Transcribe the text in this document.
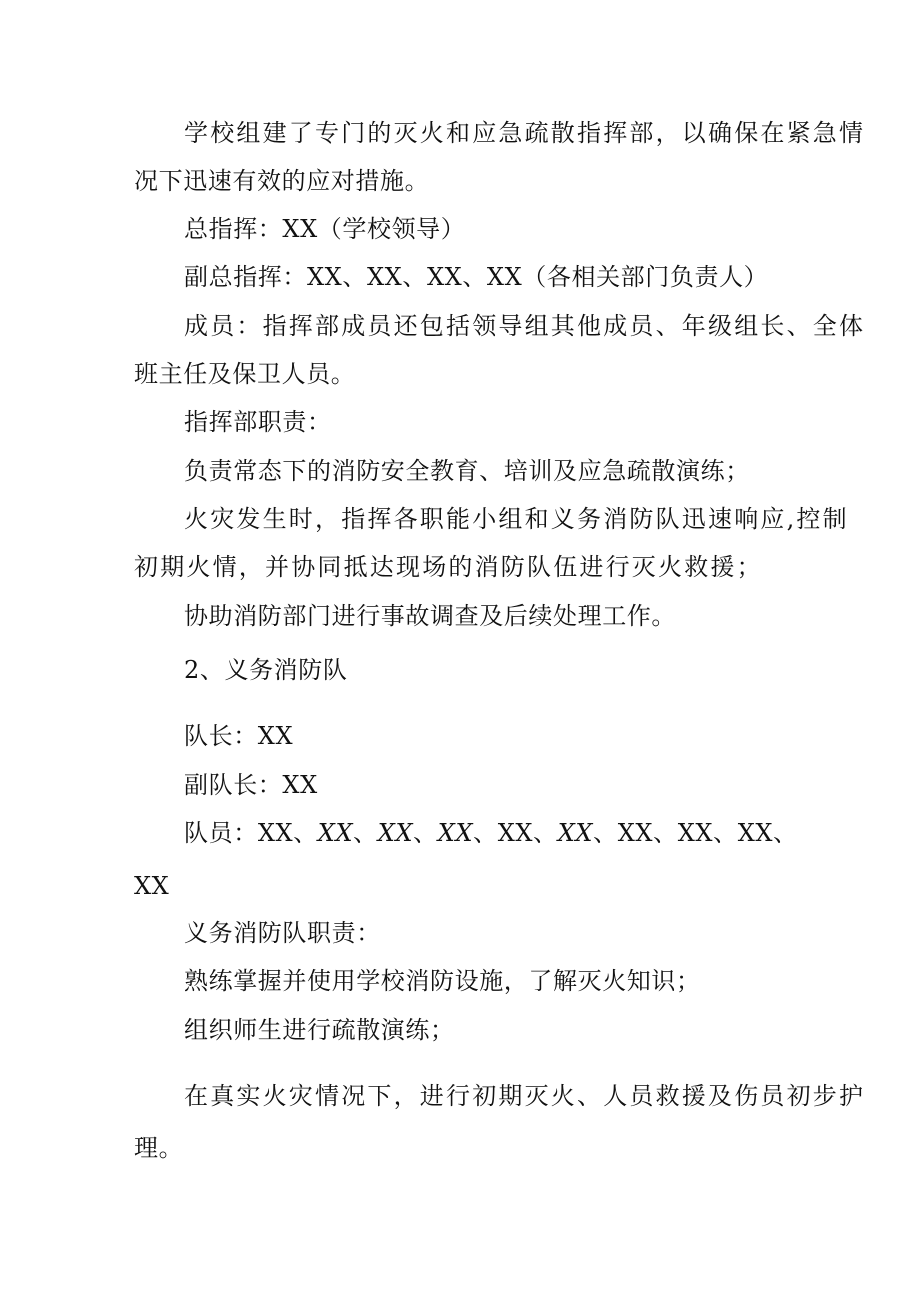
学校组建了专门的灭火和应急疏散指挥部，以确保在紧急情
况下迅速有效的应对措施。
总指挥：XX（学校领导）
副总指挥：XX、XX、XX、XX（各相关部门负责人）
成员：指挥部成员还包括领导组其他成员、年级组长、全体
班主任及保卫人员。
指挥部职责：
负责常态下的消防安全教育、培训及应急疏散演练；
火灾发生时，指挥各职能小组和义务消防队迅速响应,控制
初期火情，并协同抵达现场的消防队伍进行灭火救援；
协助消防部门进行事故调查及后续处理工作。
2、义务消防队
队长：XX
副队长：XX
队员：XX、XX、XX、XX、XX、XX、XX、XX、XX、
XX
义务消防队职责：
熟练掌握并使用学校消防设施，了解灭火知识；
组织师生进行疏散演练；
在真实火灾情况下，进行初期灭火、人员救援及伤员初步护
理。
